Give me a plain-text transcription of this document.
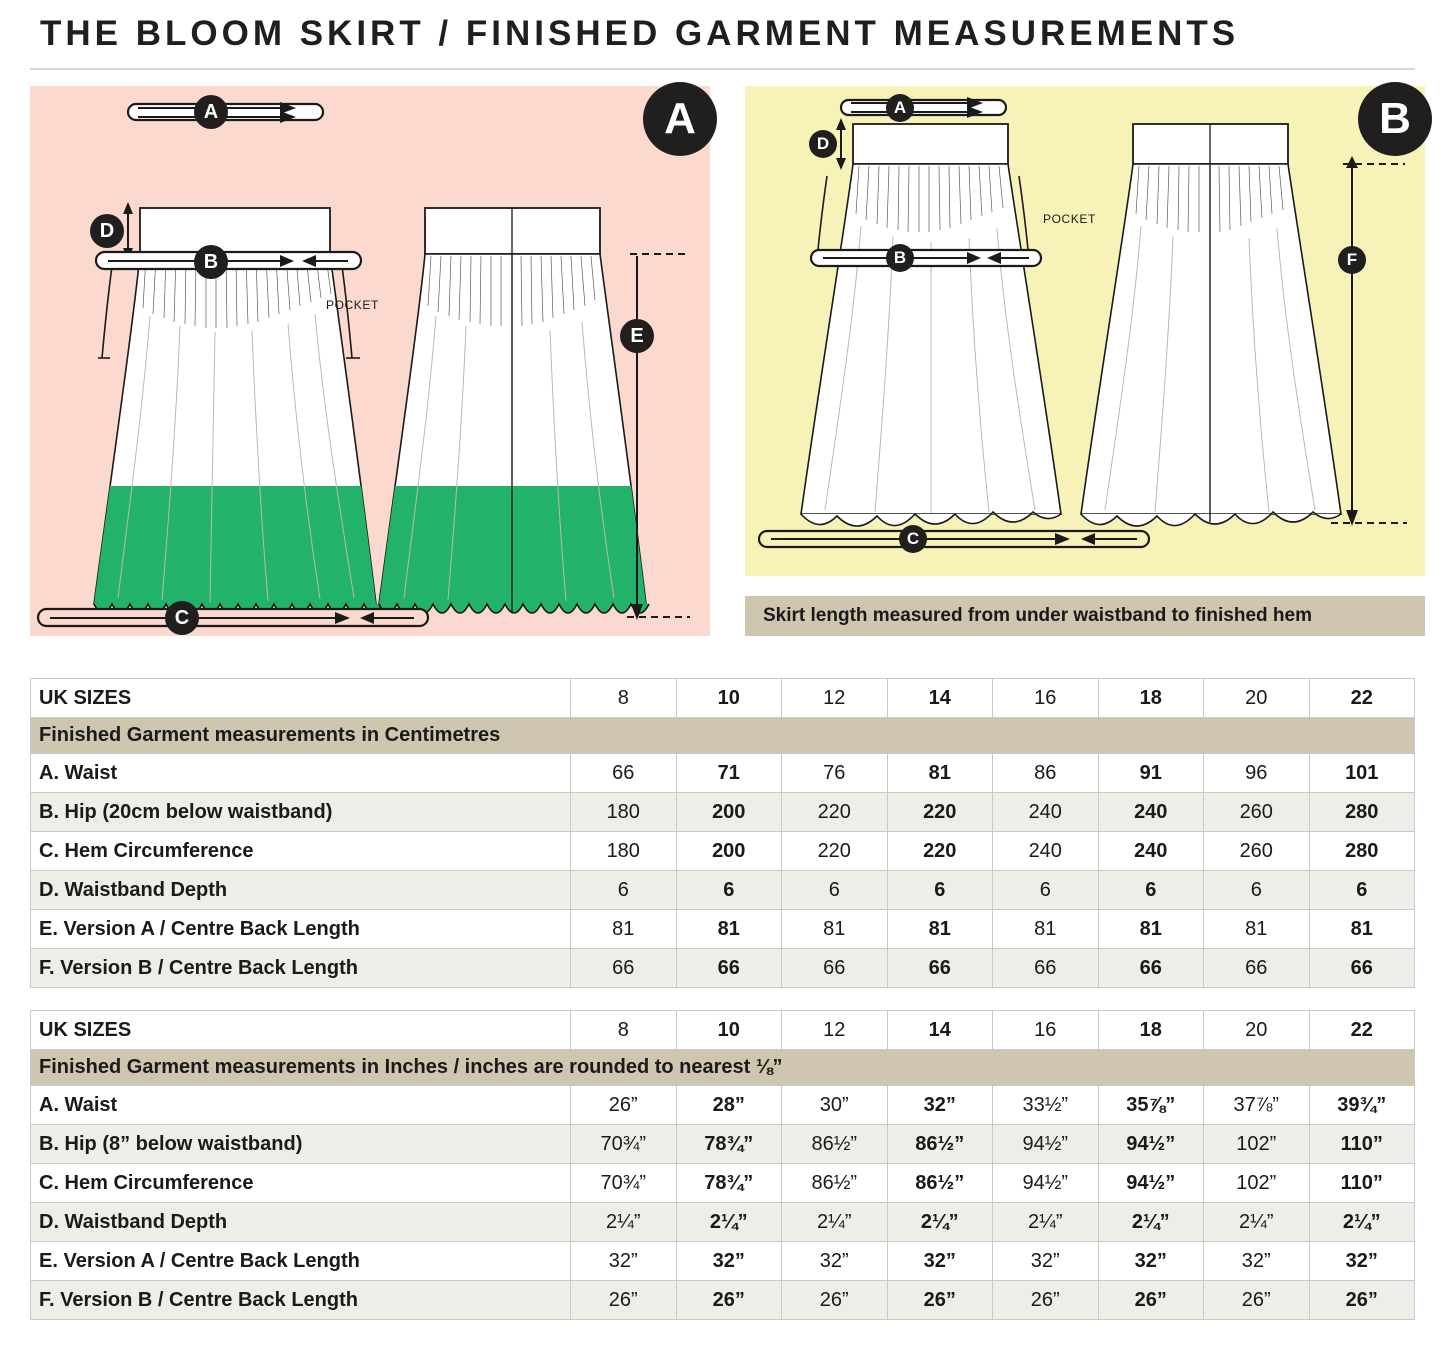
THE BLOOM SKIRT / FINISHED GARMENT MEASUREMENTS
A
D
B
E
C
POCKET
A	A
D
B	F
C
POCKET
B
Skirt length measured from under waistband to finished hem
UK SIZES	8	10	12	14	16	18	20	22
Finished Garment measurements in Centimetres								
A. Waist	66	71	76	81	86	91	96	101
B. Hip (20cm below waistband)	180	200	220	220	240	240	260	280
C. Hem Circumference	180	200	220	220	240	240	260	280
D. Waistband Depth	6	6	6	6	6	6	6	6
E. Version A / Centre Back Length	81	81	81	81	81	81	81	81
F. Version B / Centre Back Length	66	66	66	66	66	66	66	66
UK SIZES	8	10	12	14	16	18	20	22
Finished Garment measurements in Inches / inches are rounded to nearest ⅛”								
A. Waist	26”	28”	30”	32”	33½”	35⅞”	37⅞”	39¾”
B. Hip (8” below waistband)	70¾”	78¾”	86½”	86½”	94½”	94½”	102”	110”
C. Hem Circumference	70¾”	78¾”	86½”	86½”	94½”	94½”	102”	110”
D. Waistband Depth	2¼”	2¼”	2¼”	2¼”	2¼”	2¼”	2¼”	2¼”
E. Version A / Centre Back Length	32”	32”	32”	32”	32”	32”	32”	32”
F. Version B / Centre Back Length	26”	26”	26”	26”	26”	26”	26”	26”
